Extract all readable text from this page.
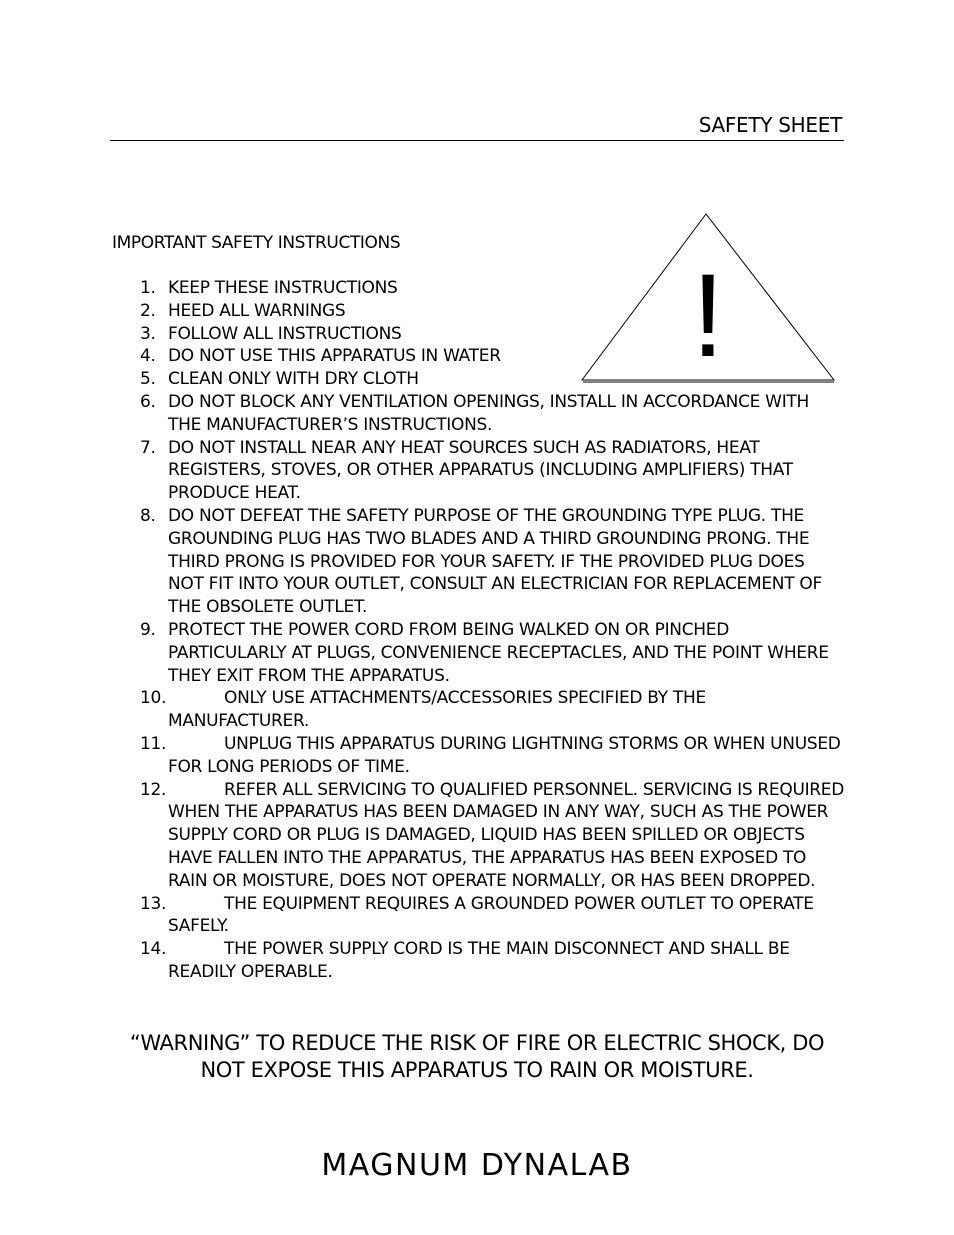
SAFETY SHEET
IMPORTANT SAFETY INSTRUCTIONS
!
1. KEEP THESE INSTRUCTIONS
2. HEED ALL WARNINGS
3. FOLLOW ALL INSTRUCTIONS
4. DO NOT USE THIS APPARATUS IN WATER
5. CLEAN ONLY WITH DRY CLOTH
6. DO NOT BLOCK ANY VENTILATION OPENINGS, INSTALL IN ACCORDANCE WITH THE MANUFACTURER’S INSTRUCTIONS.
7. DO NOT INSTALL NEAR ANY HEAT SOURCES SUCH AS RADIATORS, HEAT REGISTERS, STOVES, OR OTHER APPARATUS (INCLUDING AMPLIFIERS) THAT PRODUCE HEAT.
8. DO NOT DEFEAT THE SAFETY PURPOSE OF THE GROUNDING TYPE PLUG. THE GROUNDING PLUG HAS TWO BLADES AND A THIRD GROUNDING PRONG. THE THIRD PRONG IS PROVIDED FOR YOUR SAFETY. IF THE PROVIDED PLUG DOES NOT FIT INTO YOUR OUTLET, CONSULT AN ELECTRICIAN FOR REPLACEMENT OF THE OBSOLETE OUTLET.
9. PROTECT THE POWER CORD FROM BEING WALKED ON OR PINCHED PARTICULARLY AT PLUGS, CONVENIENCE RECEPTACLES, AND THE POINT WHERE THEY EXIT FROM THE APPARATUS.
10.	ONLY USE ATTACHMENTS/ACCESSORIES SPECIFIED BY THE MANUFACTURER.
11.	UNPLUG THIS APPARATUS DURING LIGHTNING STORMS OR WHEN UNUSED FOR LONG PERIODS OF TIME.
12.	REFER ALL SERVICING TO QUALIFIED PERSONNEL. SERVICING IS REQUIRED WHEN THE APPARATUS HAS BEEN DAMAGED IN ANY WAY, SUCH AS THE POWER SUPPLY CORD OR PLUG IS DAMAGED, LIQUID HAS BEEN SPILLED OR OBJECTS HAVE FALLEN INTO THE APPARATUS, THE APPARATUS HAS BEEN EXPOSED TO RAIN OR MOISTURE, DOES NOT OPERATE NORMALLY, OR HAS BEEN DROPPED.
13.	THE EQUIPMENT REQUIRES A GROUNDED POWER OUTLET TO OPERATE SAFELY.
14.	THE POWER SUPPLY CORD IS THE MAIN DISCONNECT AND SHALL BE READILY OPERABLE.
“WARNING” TO REDUCE THE RISK OF FIRE OR ELECTRIC SHOCK, DO NOT EXPOSE THIS APPARATUS TO RAIN OR MOISTURE.
MAGNUM DYNALAB
